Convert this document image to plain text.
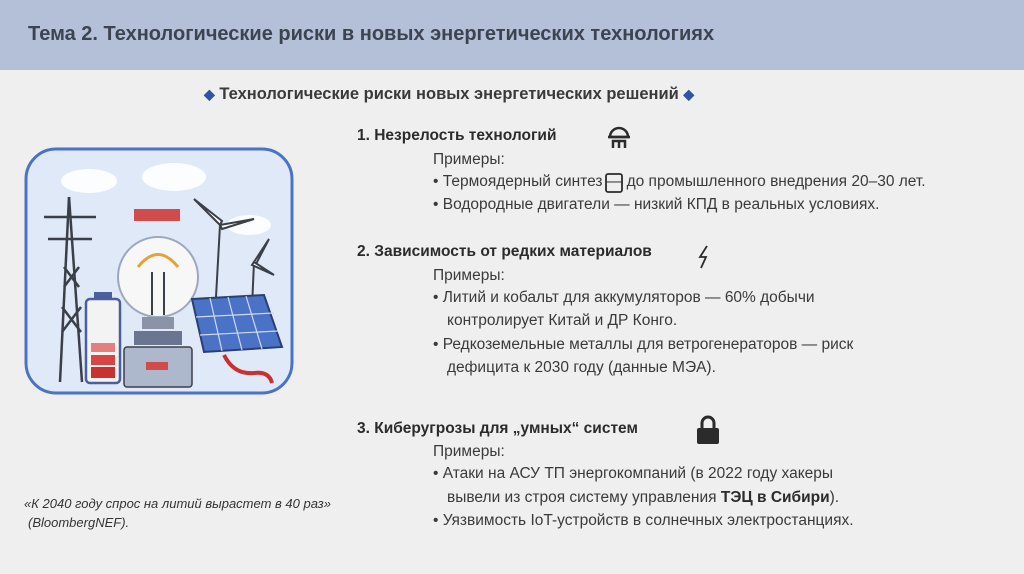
Тема 2. Технологические риски в новых энергетических технологиях
◆ Технологические риски новых энергетических решений ◆
1. Незрелость технологий
Примеры:
• Термоядерный синтез — до промышленного внедрения 20–30 лет.
• Водородные двигатели — низкий КПД в реальных условиях.
2. Зависимость от редких материалов
Примеры:
• Литий и кобальт для аккумуляторов — 60% добычи
контролирует Китай и ДР Конго.
• Редкоземельные металлы для ветрогенераторов — риск
дефицита к 2030 году (данные МЭА).
3. Киберугрозы для „умных“ систем
Примеры:
• Атаки на АСУ ТП энергокомпаний (в 2022 году хакеры
вывели из строя систему управления ТЭЦ в Сибири).
• Уязвимость IoT-устройств в солнечных электростанциях.
«К 2040 году спрос на литий вырастет в 40 раз»
(BloombergNEF).
